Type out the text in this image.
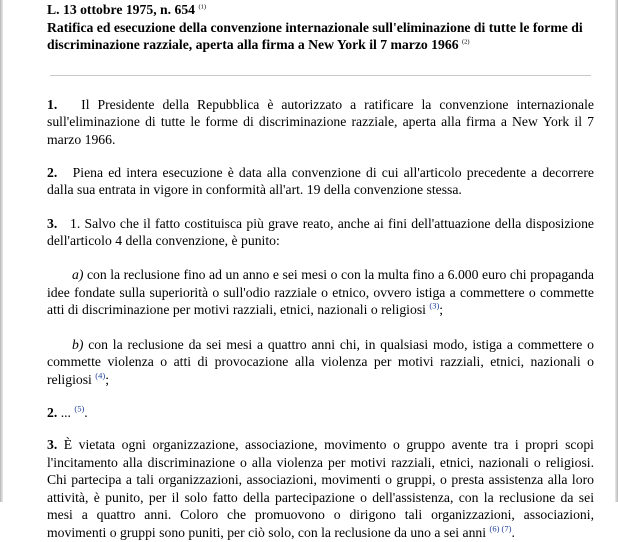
L. 13 ottobre 1975, n. 654 $^{(1)}$
Ratifica ed esecuzione della convenzione internazionale sull'eliminazione di tutte le forme di
discriminazione razziale, aperta alla firma a New York il 7 marzo 1966 $^{(2)}$

1. Il Presidente della Repubblica è autorizzato a ratificare la convenzione internazionale sull'eliminazione di tutte le forme di discriminazione razziale, aperta alla firma a New York il 7 marzo 1966.

2. Piena ed intera esecuzione è data alla convenzione di cui all'articolo precedente a decorrere dalla sua entrata in vigore in conformità all'art. 19 della convenzione stessa.

3. 1. Salvo che il fatto costituisca più grave reato, anche ai fini dell'attuazione della disposizione dell'articolo 4 della convenzione, è punito:

a) con la reclusione fino ad un anno e sei mesi o con la multa fino a 6.000 euro chi propaganda idee fondate sulla superiorità o sull'odio razziale o etnico, ovvero istiga a commettere o commette atti di discriminazione per motivi razziali, etnici, nazionali o religiosi $^{(3)}$;

b) con la reclusione da sei mesi a quattro anni chi, in qualsiasi modo, istiga a commettere o commette violenza o atti di provocazione alla violenza per motivi razziali, etnici, nazionali o religiosi $^{(4)}$;

2. ... $^{(5)}$.

3. È vietata ogni organizzazione, associazione, movimento o gruppo avente tra i propri scopi l'incitamento alla discriminazione o alla violenza per motivi razziali, etnici, nazionali o religiosi. Chi partecipa a tali organizzazioni, associazioni, movimenti o gruppi, o presta assistenza alla loro attività, è punito, per il solo fatto della partecipazione o dell'assistenza, con la reclusione da sei mesi a quattro anni. Coloro che promuovono o dirigono tali organizzazioni, associazioni, movimenti o gruppi sono puniti, per ciò solo, con la reclusione da uno a sei anni $^{(6) (7)}$.
